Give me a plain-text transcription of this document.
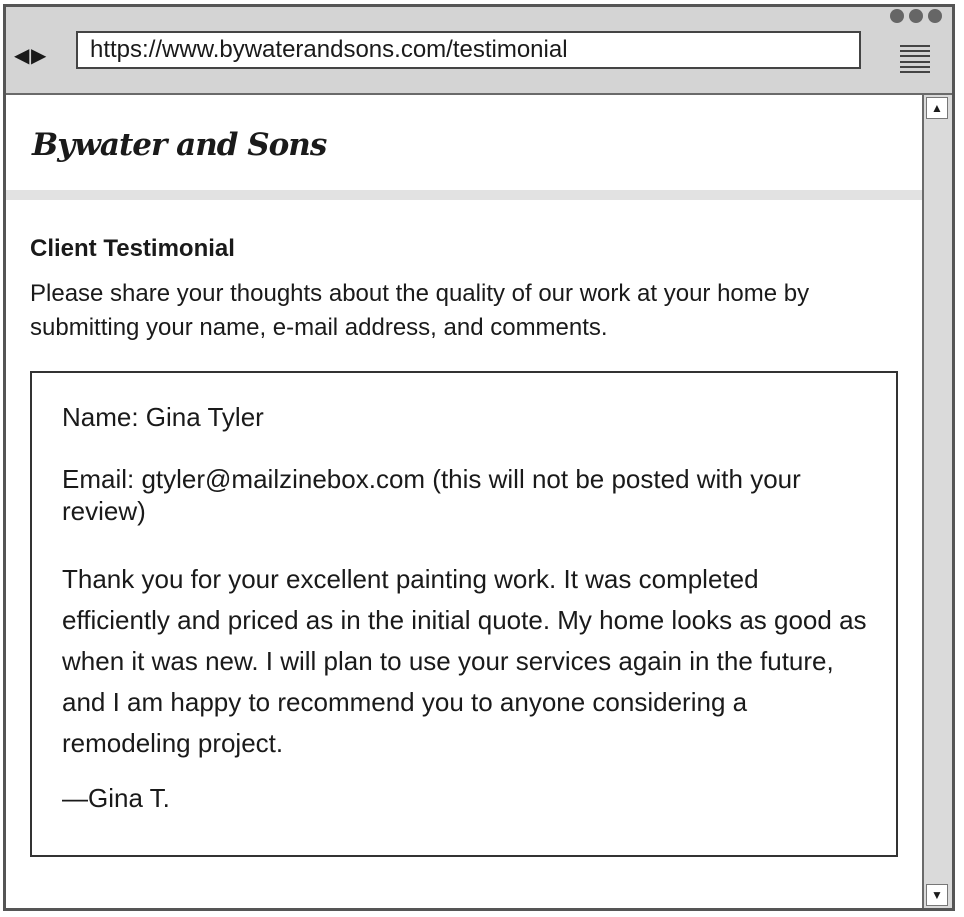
◀ ▶	https://www.bywaterandsons.com/testimonial
Bywater and Sons
Client Testimonial

Please share your thoughts about the quality of our work at your home by submitting your name, e-mail address, and comments.

Name: Gina Tyler

Email: gtyler@mailzinebox.com (this will not be posted with your review)

Thank you for your excellent painting work. It was completed efficiently and priced as in the initial quote. My home looks as good as when it was new. I will plan to use your services again in the future, and I am happy to recommend you to anyone considering a remodeling project.

—Gina T.

▲
▼
